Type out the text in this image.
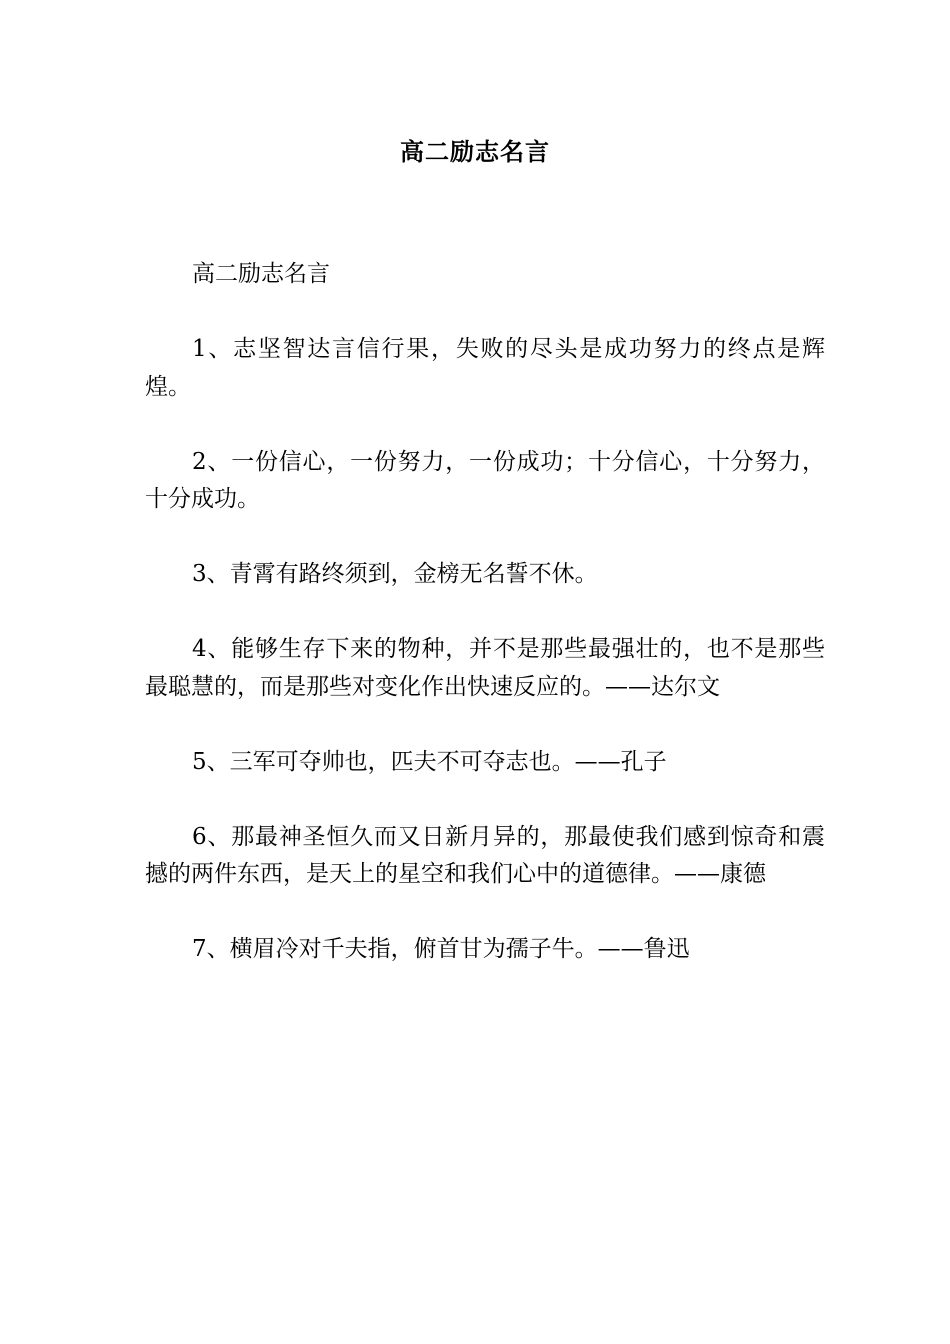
高二励志名言

高二励志名言

1、志坚智达言信行果，失败的尽头是成功努力的终点是辉煌。

2、一份信心，一份努力，一份成功；十分信心，十分努力，十分成功。

3、青霄有路终须到，金榜无名誓不休。

4、能够生存下来的物种，并不是那些最强壮的，也不是那些最聪慧的，而是那些对变化作出快速反应的。——达尔文

5、三军可夺帅也，匹夫不可夺志也。——孔子

6、那最神圣恒久而又日新月异的，那最使我们感到惊奇和震撼的两件东西，是天上的星空和我们心中的道德律。——康德

7、横眉冷对千夫指，俯首甘为孺子牛。——鲁迅
